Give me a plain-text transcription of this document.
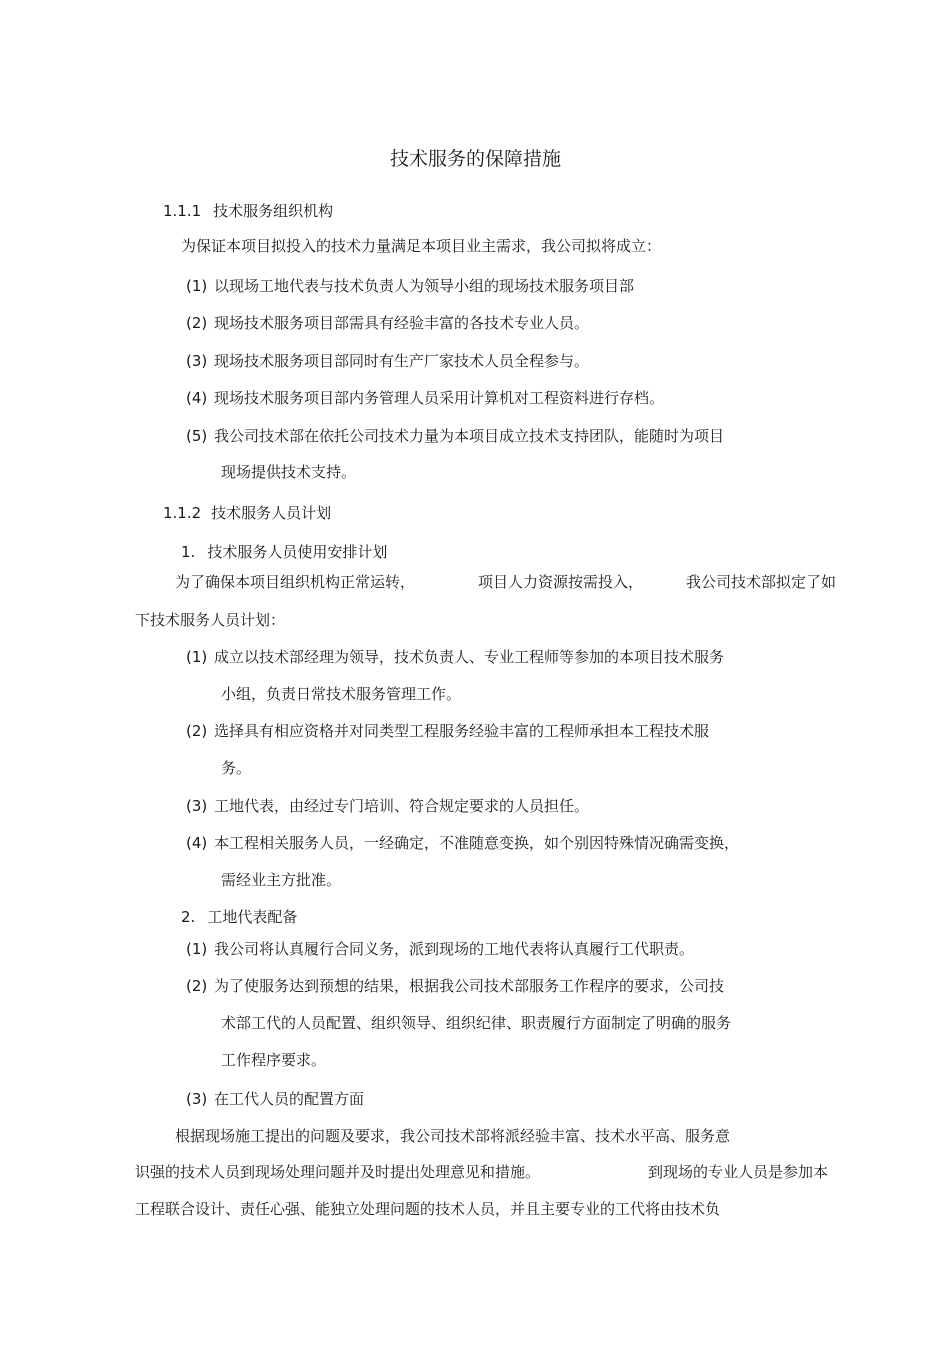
技术服务的保障措施
1.1.1 技术服务组织机构
为保证本项目拟投入的技术力量满足本项目业主需求，我公司拟将成立：
(1) 以现场工地代表与技术负责人为领导小组的现场技术服务项目部
(2) 现场技术服务项目部需具有经验丰富的各技术专业人员。
(3) 现场技术服务项目部同时有生产厂家技术人员全程参与。
(4) 现场技术服务项目部内务管理人员采用计算机对工程资料进行存档。
(5) 我公司技术部在依托公司技术力量为本项目成立技术支持团队，能随时为项目
现场提供技术支持。
1.1.2 技术服务人员计划
1. 技术服务人员使用安排计划
为了确保本项目组织机构正常运转，	项目人力资源按需投入，	我公司技术部拟定了如
下技术服务人员计划：
(1) 成立以技术部经理为领导，技术负责人、专业工程师等参加的本项目技术服务
小组，负责日常技术服务管理工作。
(2) 选择具有相应资格并对同类型工程服务经验丰富的工程师承担本工程技术服
务。
(3) 工地代表，由经过专门培训、符合规定要求的人员担任。
(4) 本工程相关服务人员，一经确定，不准随意变换，如个别因特殊情况确需变换，
需经业主方批准。
2. 工地代表配备
(1) 我公司将认真履行合同义务，派到现场的工地代表将认真履行工代职责。
(2) 为了使服务达到预想的结果，根据我公司技术部服务工作程序的要求，公司技
术部工代的人员配置、组织领导、组织纪律、职责履行方面制定了明确的服务
工作程序要求。
(3) 在工代人员的配置方面
根据现场施工提出的问题及要求，我公司技术部将派经验丰富、技术水平高、服务意
识强的技术人员到现场处理问题并及时提出处理意见和措施。	到现场的专业人员是参加本
工程联合设计、责任心强、能独立处理问题的技术人员，并且主要专业的工代将由技术负
